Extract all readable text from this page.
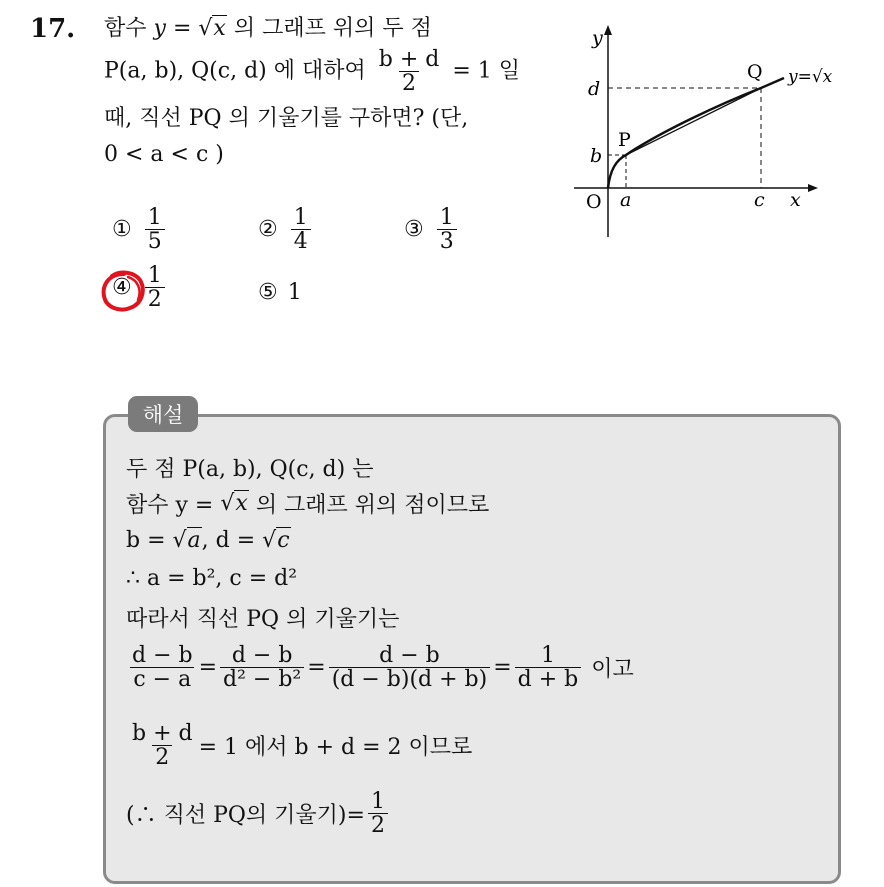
17. 함수 y = √x 의 그래프 위의 두 점
P(a, b), Q(c, d) 에 대하여 $\frac{b + d}{2} = 1$ 일
때, 직선 PQ 의 기울기를 구하면? (단,
0 < a < c )
① $\frac{1}{5}$	② $\frac{1}{4}$	③ $\frac{1}{3}$
④ $\frac{1}{2}$	⑤ 1
y
x
O
P
Q y=√x
a	c
b
d
해설
두 점 P(a, b), Q(c, d) 는
함수 y =
√x
의 그래프 위의 점이므로
b =
√a , d =
√c
∴ a = b², c = d²
따라서 직선 PQ 의 기울기는
$\frac{d - b}{c - a} = \frac{d - b}{\text{d² − b²}} = \frac{d - b}{(d - b)(d + b)} = \frac{1}{d + b}$
이고
$\frac{b + d}{2} = 1$ 에서 b + d = 2 이므로
(∴ 직선 PQ의 기울기)= $\frac{1}{2}$
